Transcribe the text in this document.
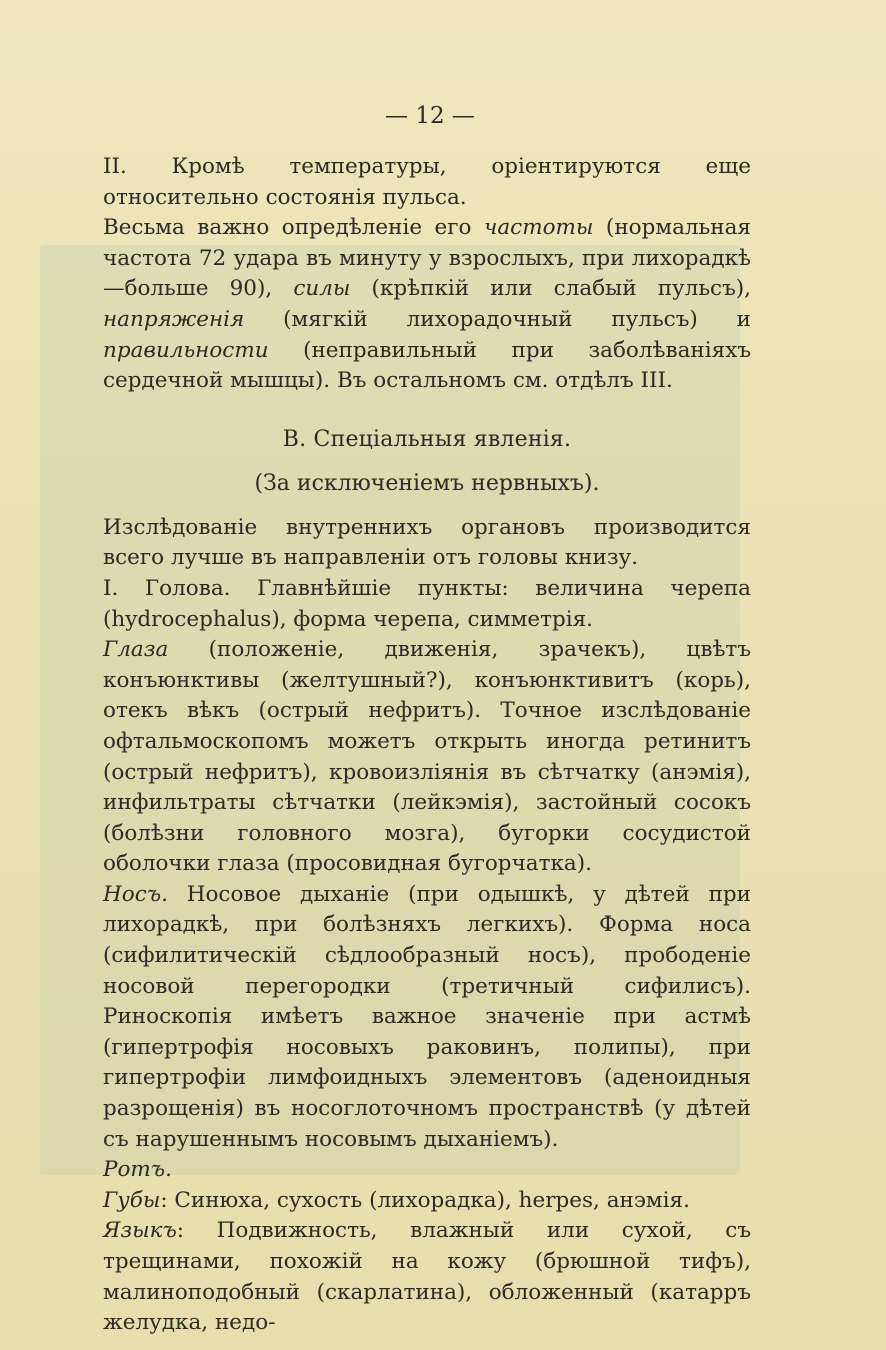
— 12 —

II. Кромѣ температуры, оріентируются еще относительно состоянія пульса.

Весьма важно опредѣленіе его частоты (нормальная частота 72 удара въ минуту у взрослыхъ, при лихорадкѣ—больше 90), силы (крѣпкій или слабый пульсъ), напряженія (мягкій лихорадочный пульсъ) и правильности (неправильный при заболѣваніяхъ сердечной мышцы). Въ остальномъ см. отдѣлъ III.

В. Спеціальныя явленія.
(За исключеніемъ нервныхъ).

Изслѣдованіе внутреннихъ органовъ производится всего лучше въ направленіи отъ головы книзу.

I. Голова. Главнѣйшіе пункты: величина черепа (hydrocephalus), форма черепа, симметрія.

Глаза (положеніе, движенія, зрачекъ), цвѣтъ конъюнктивы (желтушный?), конъюнктивитъ (корь), отекъ вѣкъ (острый нефритъ). Точное изслѣдованіе офтальмоскопомъ можетъ открыть иногда ретинитъ (острый нефритъ), кровоизліянія въ сѣтчатку (анэмія), инфильтраты сѣтчатки (лейкэмія), застойный сосокъ (болѣзни головного мозга), бугорки сосудистой оболочки глаза (просовидная бугорчатка).

Носъ. Носовое дыханіе (при одышкѣ, у дѣтей при лихорадкѣ, при болѣзняхъ легкихъ). Форма носа (сифилитическій сѣдлообразный носъ), прободеніе носовой перегородки (третичный сифилисъ). Риноскопія имѣетъ важное значеніе при астмѣ (гипертрофія носовыхъ раковинъ, полипы), при гипертрофіи лимфоидныхъ элементовъ (аденоидныя разрощенія) въ носоглоточномъ пространствѣ (у дѣтей съ нарушеннымъ носовымъ дыханіемъ).

Ротъ.

Губы: Синюха, сухость (лихорадка), herpes, анэмія.

Языкъ: Подвижность, влажный или сухой, съ трещинами, похожій на кожу (брюшной тифъ), малиноподобный (скарлатина), обложенный (катарръ желудка, недо-
